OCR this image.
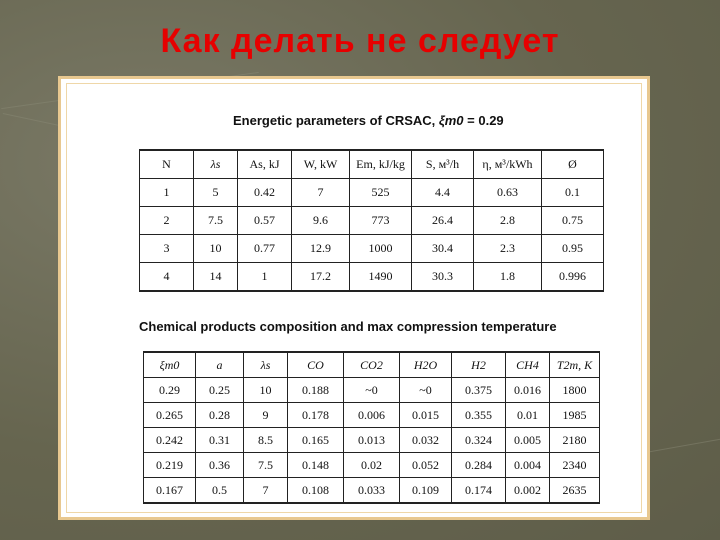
Как делать не следует
Energetic parameters of CRSAC, ξm0 = 0.29
N	λs	As, kJ	W, kW	Em, kJ/kg	S, м³/h	η, м³/kWh	Ø
1	5	0.42	7	525	4.4	0.63	0.1
2	7.5	0.57	9.6	773	26.4	2.8	0.75
3	10	0.77	12.9	1000	30.4	2.3	0.95
4	14	1	17.2	1490	30.3	1.8	0.996
Chemical products composition and max compression temperature
ξm0	a	λs	CO	CO2	H2O	H2	CH4	T2m, K
0.29	0.25	10	0.188	~0	~0	0.375	0.016	1800
0.265	0.28	9	0.178	0.006	0.015	0.355	0.01	1985
0.242	0.31	8.5	0.165	0.013	0.032	0.324	0.005	2180
0.219	0.36	7.5	0.148	0.02	0.052	0.284	0.004	2340
0.167	0.5	7	0.108	0.033	0.109	0.174	0.002	2635
